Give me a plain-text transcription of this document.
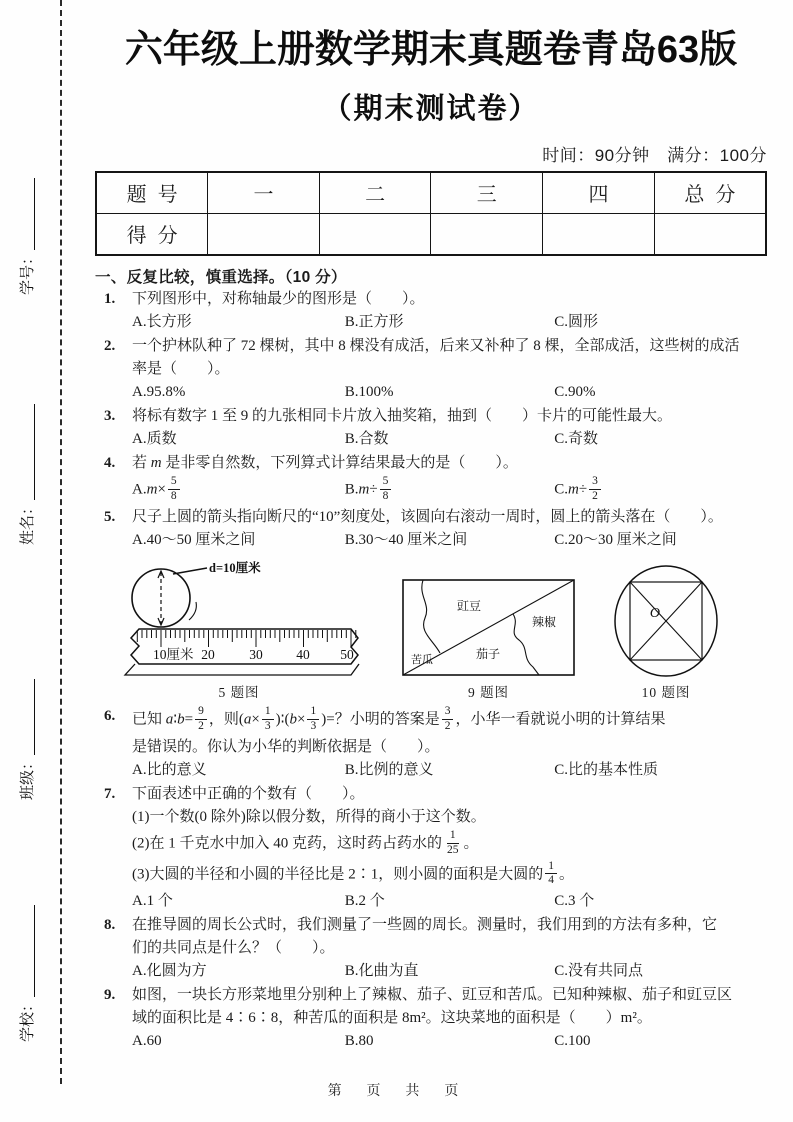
学号：
姓名：
班级：
学校：
六年级上册数学期末真题卷青岛63版
（期末测试卷）
时间：90分钟　满分：100分
题号	一	二	三	四	总分
得分					
一、反复比较，慎重选择。（10 分）
1. 下列图形中，对称轴最少的图形是（　　）。
A.长方形	B.正方形	C.圆形
2. 一个护林队种了 72 棵树，其中 8 棵没有成活，后来又补种了 8 棵，全部成活，这些树的成活
率是（　　）。
A.95.8%	B.100%	C.90%
3. 将标有数字 1 至 9 的九张相同卡片放入抽奖箱，抽到（　　）卡片的可能性最大。
A.质数	B.合数	C.奇数
4. 若 m 是非零自然数，下列算式计算结果最大的是（　　）。
$A.m\times \frac{5}{8}$	$B.m\div \frac{5}{8}$	$C.m\div \frac{3}{2}$
5. 尺子上圆的箭头指向断尺的“10”刻度处，该圆向右滚动一周时，圆上的箭头落在（　　）。
A.40～50 厘米之间	B.30～40 厘米之间	C.20～30 厘米之间
d=10厘米
10厘米 20	30 40 50
5 题图
豇豆
辣椒
苦瓜	茄子
9 题图
O
10 题图
6. 已知 a∶b= $\frac{9}{2}$ ，则($a\times \frac{1}{3}$ )∶(b× $\frac{1}{3}$ )=？小明的答案是 $\frac{3}{2}$ ，小华一看就说小明的计算结果
是错误的。你认为小华的判断依据是（　　）。
A.比的意义	B.比例的意义	C.比的基本性质
7. 下面表述中正确的个数有（　　）。
(1)一个数(0 除外)除以假分数，所得的商小于这个数。
(2)在 1 千克水中加入 40 克药，这时药占药水的 $\frac{1}{25}$ 。
(3)大圆的半径和小圆的半径比是 2∶1，则小圆的面积是大圆的 $\frac{1}{4}$ 。
A.1 个	B.2 个	C.3 个
8. 在推导圆的周长公式时，我们测量了一些圆的周长。测量时，我们用到的方法有多种，它
们的共同点是什么？（　　）。
A.化圆为方	B.化曲为直	C.没有共同点
9. 如图，一块长方形菜地里分别种上了辣椒、茄子、豇豆和苦瓜。已知种辣椒、茄子和豇豆区
域的面积比是 4∶6∶8，种苦瓜的面积是 8m²。这块菜地的面积是（　　）m²。
A.60	B.80	C.100
第 页 共 页
